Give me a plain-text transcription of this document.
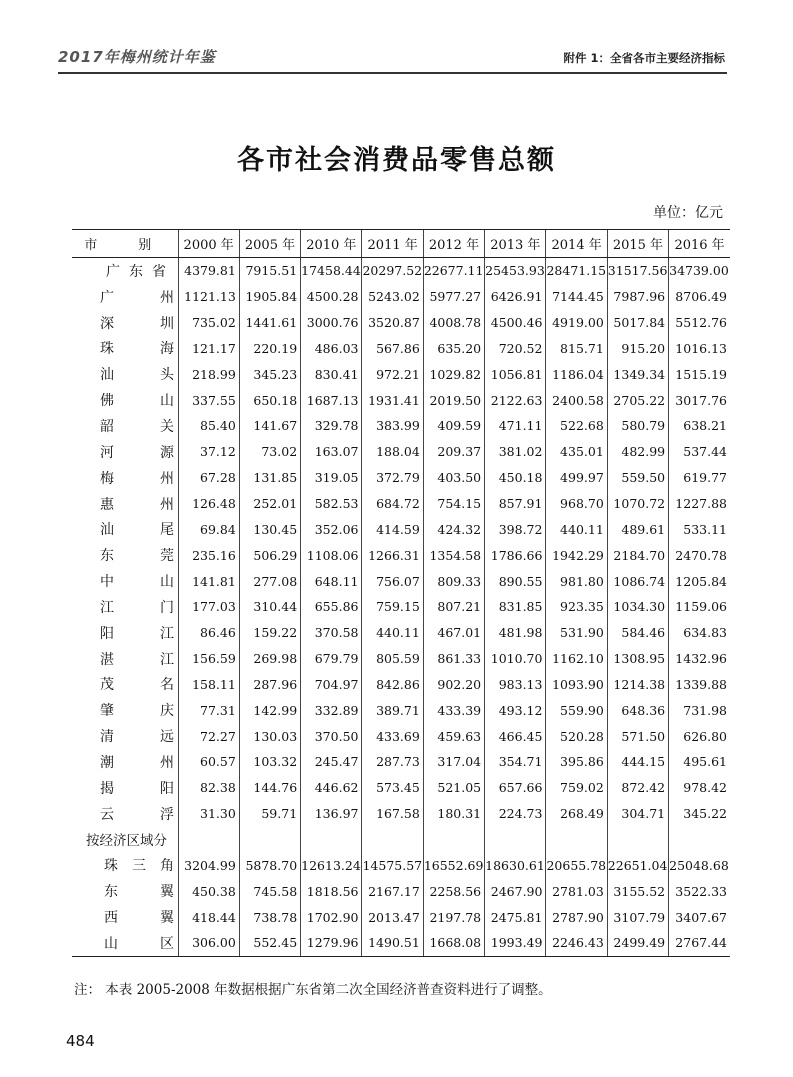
2017年梅州统计年鉴	附件 1：全省各市主要经济指标
各市社会消费品零售总额
单位：亿元
市　别	2000 年	2005 年	2010 年	2011 年	2012 年	2013 年	2014 年	2015 年	2016 年
广东省	4379.81	7915.51	17458.44	20297.52	22677.11	25453.93	28471.15	31517.56	34739.00
广州	1121.13	1905.84	4500.28	5243.02	5977.27	6426.91	7144.45	7987.96	8706.49
深圳	735.02	1441.61	3000.76	3520.87	4008.78	4500.46	4919.00	5017.84	5512.76
珠海	121.17	220.19	486.03	567.86	635.20	720.52	815.71	915.20	1016.13
汕头	218.99	345.23	830.41	972.21	1029.82	1056.81	1186.04	1349.34	1515.19
佛山	337.55	650.18	1687.13	1931.41	2019.50	2122.63	2400.58	2705.22	3017.76
韶关	85.40	141.67	329.78	383.99	409.59	471.11	522.68	580.79	638.21
河源	37.12	73.02	163.07	188.04	209.37	381.02	435.01	482.99	537.44
梅州	67.28	131.85	319.05	372.79	403.50	450.18	499.97	559.50	619.77
惠州	126.48	252.01	582.53	684.72	754.15	857.91	968.70	1070.72	1227.88
汕尾	69.84	130.45	352.06	414.59	424.32	398.72	440.11	489.61	533.11
东莞	235.16	506.29	1108.06	1266.31	1354.58	1786.66	1942.29	2184.70	2470.78
中山	141.81	277.08	648.11	756.07	809.33	890.55	981.80	1086.74	1205.84
江门	177.03	310.44	655.86	759.15	807.21	831.85	923.35	1034.30	1159.06
阳江	86.46	159.22	370.58	440.11	467.01	481.98	531.90	584.46	634.83
湛江	156.59	269.98	679.79	805.59	861.33	1010.70	1162.10	1308.95	1432.96
茂名	158.11	287.96	704.97	842.86	902.20	983.13	1093.90	1214.38	1339.88
肇庆	77.31	142.99	332.89	389.71	433.39	493.12	559.90	648.36	731.98
清远	72.27	130.03	370.50	433.69	459.63	466.45	520.28	571.50	626.80
潮州	60.57	103.32	245.47	287.73	317.04	354.71	395.86	444.15	495.61
揭阳	82.38	144.76	446.62	573.45	521.05	657.66	759.02	872.42	978.42
云浮	31.30	59.71	136.97	167.58	180.31	224.73	268.49	304.71	345.22
按经济区域分									
珠三角	3204.99	5878.70	12613.24	14575.57	16552.69	18630.61	20655.78	22651.04	25048.68
东翼	450.38	745.58	1818.56	2167.17	2258.56	2467.90	2781.03	3155.52	3522.33
西翼	418.44	738.78	1702.90	2013.47	2197.78	2475.81	2787.90	3107.79	3407.67
山区	306.00	552.45	1279.96	1490.51	1668.08	1993.49	2246.43	2499.49	2767.44
注： 本表 2005-2008 年数据根据广东省第二次全国经济普查资料进行了调整。
484
